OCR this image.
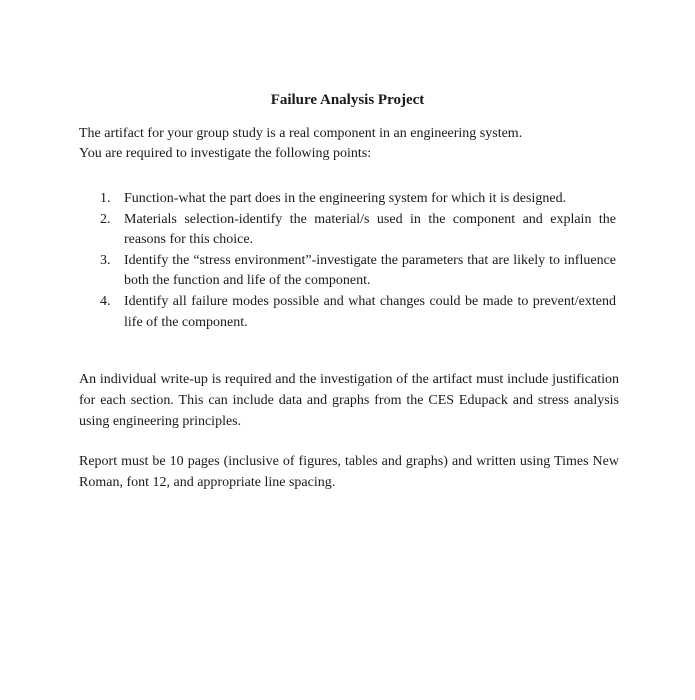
Failure Analysis Project

The artifact for your group study is a real component in an engineering system.

You are required to investigate the following points:

1. Function-what the part does in the engineering system for which it is designed.
2. Materials selection-identify the material/s used in the component and explain the reasons for this choice.
3. Identify the “stress environment”-investigate the parameters that are likely to influence both the function and life of the component.
4. Identify all failure modes possible and what changes could be made to prevent/extend life of the component.

An individual write-up is required and the investigation of the artifact must include justification for each section. This can include data and graphs from the CES Edupack and stress analysis using engineering principles.

Report must be 10 pages (inclusive of figures, tables and graphs) and written using Times New Roman, font 12, and appropriate line spacing.
